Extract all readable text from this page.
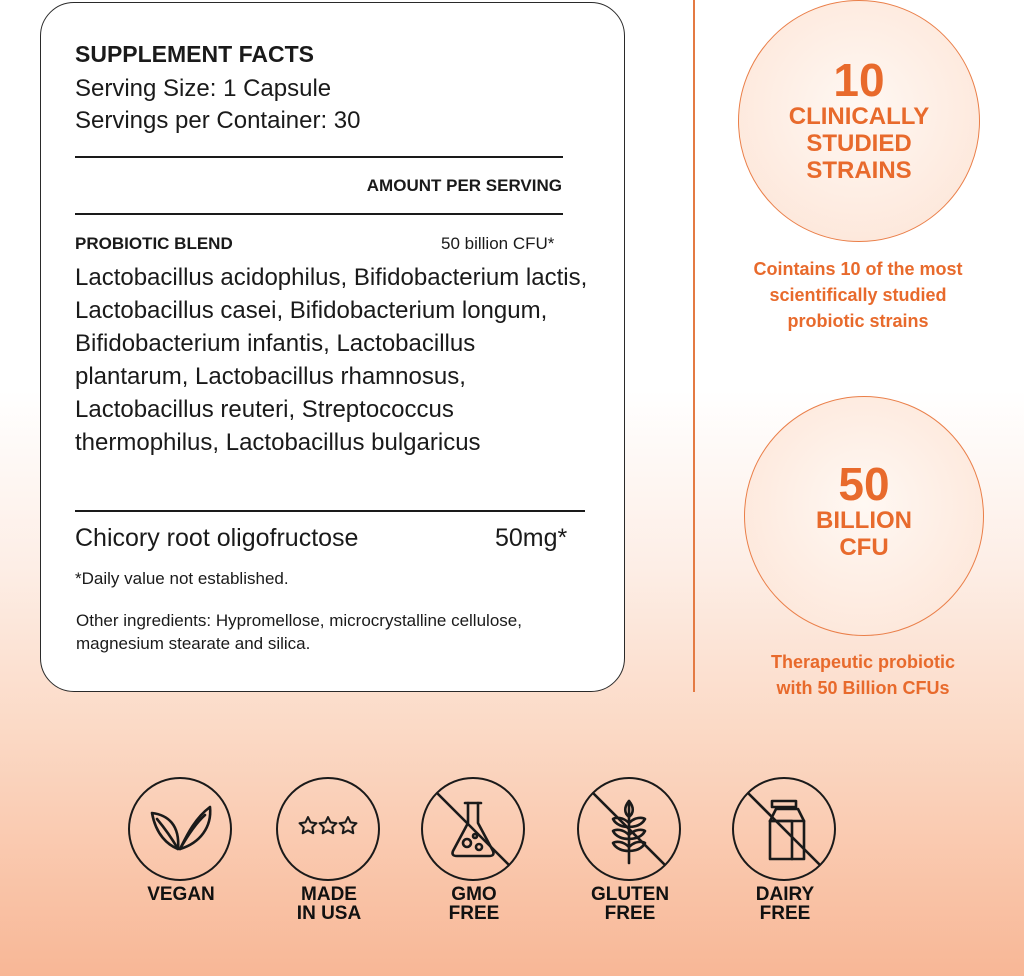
SUPPLEMENT FACTS
Serving Size: 1 Capsule
Servings per Container: 30
AMOUNT PER SERVING
PROBIOTIC BLEND	50 billion CFU*
Lactobacillus acidophilus, Bifidobacterium lactis, Lactobacillus casei, Bifidobacterium longum, Bifidobacterium infantis, Lactobacillus plantarum, Lactobacillus rhamnosus, Lactobacillus reuteri, Streptococcus thermophilus, Lactobacillus bulgaricus
Chicory root oligofructose	50mg*
*Daily value not established.
Other ingredients: Hypromellose, microcrystalline cellulose, magnesium stearate and silica.
10
CLINICALLY
STUDIED
STRAINS
Cointains 10 of the most
scientifically studied
probiotic strains
50
BILLION
CFU
Therapeutic probiotic
with 50 Billion CFUs
VEGAN	MADE
IN USA
GMO
FREE
GLUTEN
FREE
DAIRY
FREE
